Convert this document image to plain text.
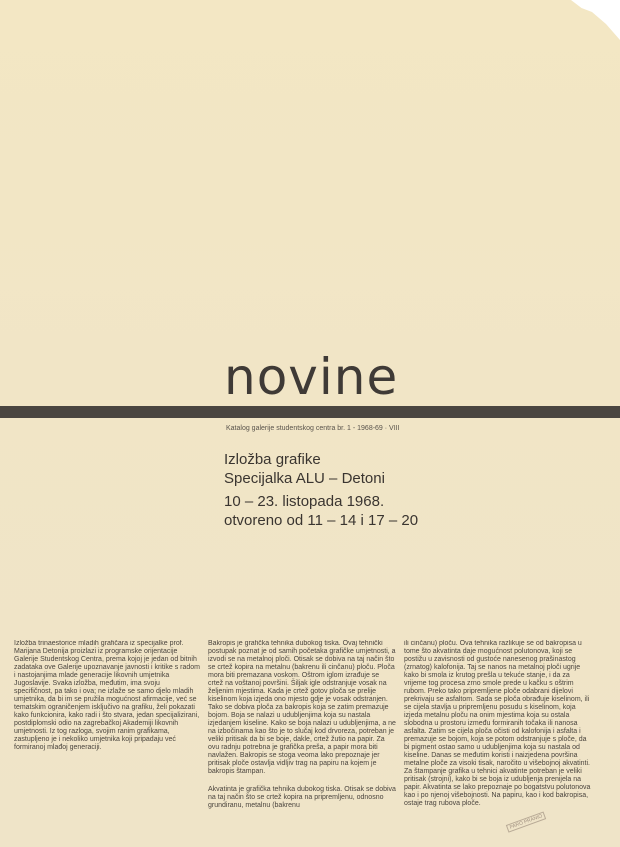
novine
Katalog galerije studentskog centra br. 1 - 1968-69 · VIII
Izložba grafike
Specijalka ALU – Detoni
10 – 23. listopada 1968.
otvoreno od 11 – 14 i 17 – 20

Izložba trinaestorice mladih grafičara iz specijalke prof. Marijana Detonija proizlazi iz programske orijentacije Galerije Studentskog Centra, prema kojoj je jedan od bitnih zadataka ove Galerije upoznavanje javnosti i kritike s radom i nastojanjima mlade generacije likovnih umjetnika Jugoslavije. Svaka izložba, međutim, ima svoju specifičnost, pa tako i ova; ne izlaže se samo djelo mladih umjetnika, da bi im se pružila mogućnost afirmacije, već se tematskim ograničenjem isključivo na grafiku, želi pokazati kako funkcionira, kako radi i što stvara, jedan specijalizirani, postdiplomski odio na zagrebačkoj Akademiji likovnih umjetnosti. Iz tog razloga, svojim ranim grafikama, zastupljeno je i nekoliko umjetnika koji pripadaju već formiranoj mlađoj generaciji.

Bakropis je grafička tehnika dubokog tiska. Ovaj tehnički postupak poznat je od samih početaka grafičke umjetnosti, a izvodi se na metalnoj ploči. Otisak se dobiva na taj način što se crtež kopira na metalnu (bakrenu ili cinčanu) ploču. Ploča mora biti premazana voskom. Oštrom iglom izrađuje se crtež na voštanoj površini. Šiljak igle odstranjuje vosak na željenim mjestima. Kada je crtež gotov ploča se prelije kiselinom koja izjeda ono mjesto gdje je vosak odstranjen. Tako se dobiva ploča za bakropis koja se zatim premazuje bojom. Boja se nalazi u udubljenjima koja su nastala izjedanjem kiseline. Kako se boja nalazi u udubljenjima, a ne na izbočinama kao što je to slučaj kod drvoreza, potreban je veliki pritisak da bi se boje, dakle, crtež žutio na papir. Za ovu radnju potrebna je grafička preša, a papir mora biti navlažen. Bakropis se stoga veoma lako prepoznaje jer pritisak ploče ostavlja vidljiv trag na papiru na kojem je bakropis štampan.

Akvatinta je grafička tehnika dubokog tiska. Otisak se dobiva na taj način što se crtež kopira na pripremljenu, odnosno grundiranu, metalnu (bakrenu

ili cinčanu) ploču. Ova tehnika razlikuje se od bakropisa u tome što akvatinta daje mogućnost polutonova, koji se postižu u zavisnosti od gustoće nanesenog prašinastog (zrnatog) kalofonija. Taj se nanos na metalnoj ploči ugrije kako bi smola iz krutog prešla u tekuće stanje, i da za vrijeme tog procesa zrno smole prede u kačku s oštrim rubom. Preko tako pripremljene ploče odabrani dijelovi prekrivaju se asfaltom. Sada se ploča obrađuje kiselinom, ili se cijela stavlja u pripremljenu posudu s kiselinom, koja izjeda metalnu ploču na onim mjestima koja su ostala slobodna u prostoru između formiranih točaka ili nanosa asfalta. Zatim se cijela ploča očisti od kalofonija i asfalta i premazuje se bojom, koja se potom odstranjuje s ploče, da bi pigment ostao samo u udubljenjima koja su nastala od kiseline. Danas se međutim koristi i naizjedena površina metalne ploče za visoki tisak, naročito u višebojnoj akvatinti. Za štampanje grafika u tehnici akvatinte potreban je veliki pritisak (strojni), kako bi se boja iz udubljenja prenijela na papir. Akvatinta se lako prepoznaje po bogatstvu polutonova kao i po njenoj višebojnosti. Na papiru, kao i kod bakropisa, ostaje trag rubova ploče.

PARO PRANIO
